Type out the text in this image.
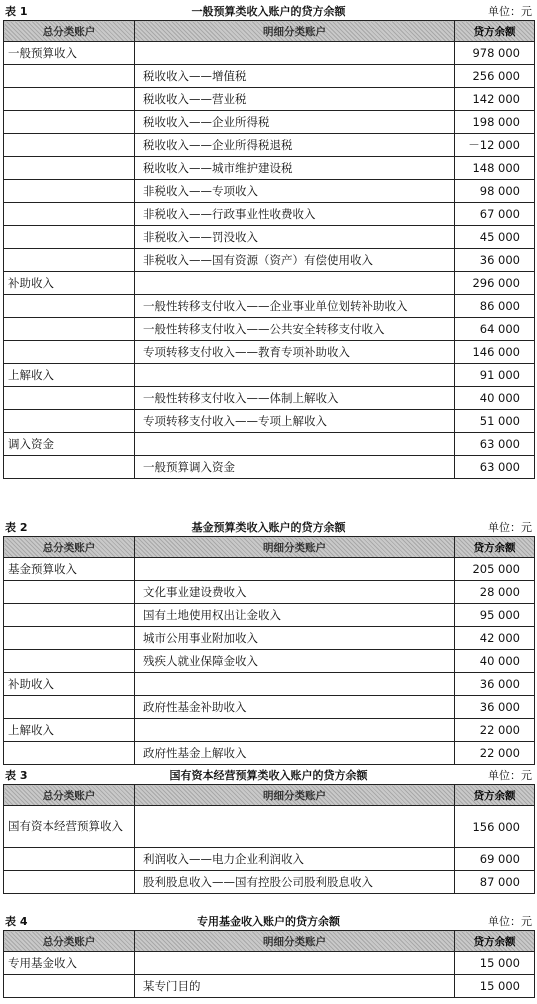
表 1	一般预算类收入账户的贷方余额	单位：元
总分类账户	明细分类账户	贷方余额
一般预算收入		978 000
	税收收入——增值税	256 000
	税收收入——营业税	142 000
	税收收入——企业所得税	198 000
	税收收入——企业所得税退税	－12 000
	税收收入——城市维护建设税	148 000
	非税收入——专项收入	98 000
	非税收入——行政事业性收费收入	67 000
	非税收入——罚没收入	45 000
	非税收入——国有资源（资产）有偿使用收入	36 000
补助收入		296 000
	一般性转移支付收入——企业事业单位划转补助收入	86 000
	一般性转移支付收入——公共安全转移支付收入	64 000
	专项转移支付收入——教育专项补助收入	146 000
上解收入		91 000
	一般性转移支付收入——体制上解收入	40 000
	专项转移支付收入——专项上解收入	51 000
调入资金		63 000
	一般预算调入资金	63 000
表 2	基金预算类收入账户的贷方余额	单位：元
总分类账户	明细分类账户	贷方余额
基金预算收入		205 000
	文化事业建设费收入	28 000
	国有土地使用权出让金收入	95 000
	城市公用事业附加收入	42 000
	残疾人就业保障金收入	40 000
补助收入		36 000
	政府性基金补助收入	36 000
上解收入		22 000
	政府性基金上解收入	22 000
表 3	国有资本经营预算类收入账户的贷方余额	单位：元
总分类账户	明细分类账户	贷方余额
国有资本经营预算收入		156 000
	利润收入——电力企业利润收入	69 000
	股利股息收入——国有控股公司股利股息收入	87 000
表 4	专用基金收入账户的贷方余额	单位：元
总分类账户	明细分类账户	贷方余额
专用基金收入		15 000
	某专门目的	15 000
